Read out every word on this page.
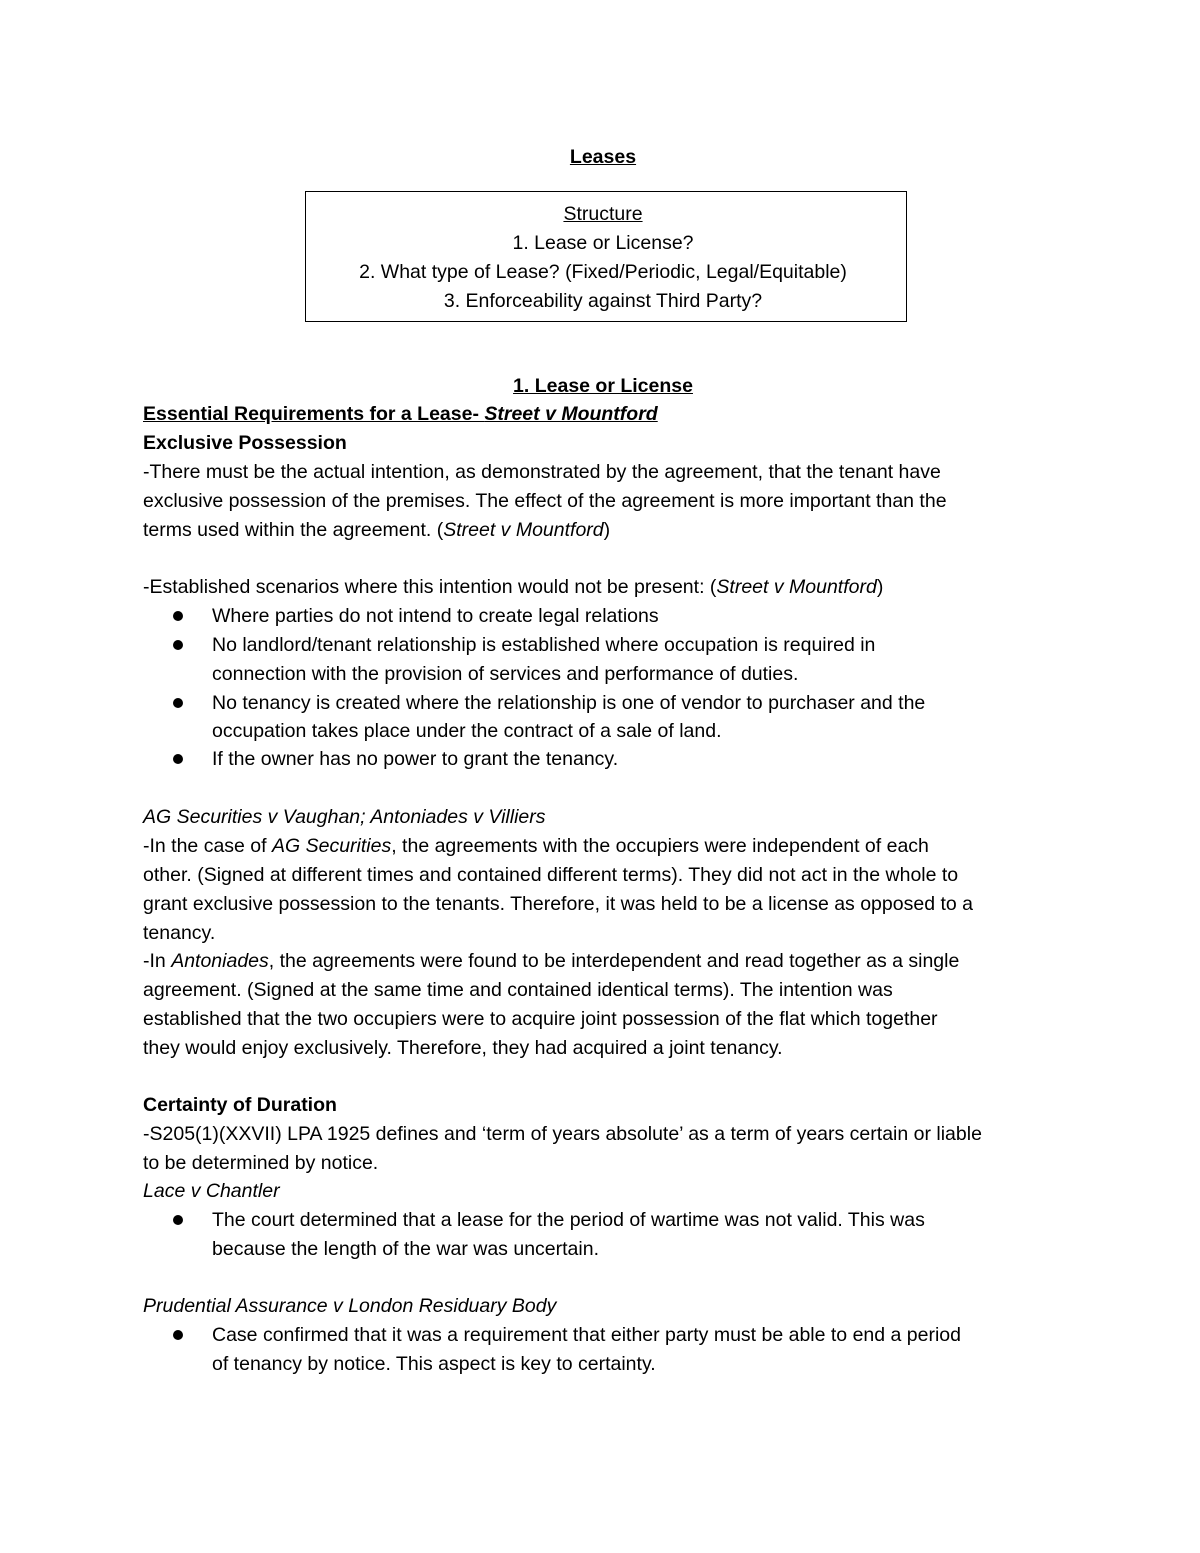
Leases
Structure
1. Lease or License?
2. What type of Lease? (Fixed/Periodic, Legal/Equitable)
3. Enforceability against Third Party?
1. Lease or License
Essential Requirements for a Lease- Street v Mountford
Exclusive Possession
-There must be the actual intention, as demonstrated by the agreement, that the tenant have
exclusive possession of the premises. The effect of the agreement is more important than the
terms used within the agreement. (Street v Mountford)
-Established scenarios where this intention would not be present: (Street v Mountford)
Where parties do not intend to create legal relations
No landlord/tenant relationship is established where occupation is required in
connection with the provision of services and performance of duties.
No tenancy is created where the relationship is one of vendor to purchaser and the
occupation takes place under the contract of a sale of land.
If the owner has no power to grant the tenancy.
AG Securities v Vaughan; Antoniades v Villiers
-In the case of AG Securities, the agreements with the occupiers were independent of each
other. (Signed at different times and contained different terms). They did not act in the whole to
grant exclusive possession to the tenants. Therefore, it was held to be a license as opposed to a
tenancy.
-In Antoniades, the agreements were found to be interdependent and read together as a single
agreement. (Signed at the same time and contained identical terms). The intention was
established that the two occupiers were to acquire joint possession of the flat which together
they would enjoy exclusively. Therefore, they had acquired a joint tenancy.
Certainty of Duration
-S205(1)(XXVII) LPA 1925 defines and ‘term of years absolute’ as a term of years certain or liable
to be determined by notice.
Lace v Chantler
The court determined that a lease for the period of wartime was not valid. This was
because the length of the war was uncertain.
Prudential Assurance v London Residuary Body
Case confirmed that it was a requirement that either party must be able to end a period
of tenancy by notice. This aspect is key to certainty.
